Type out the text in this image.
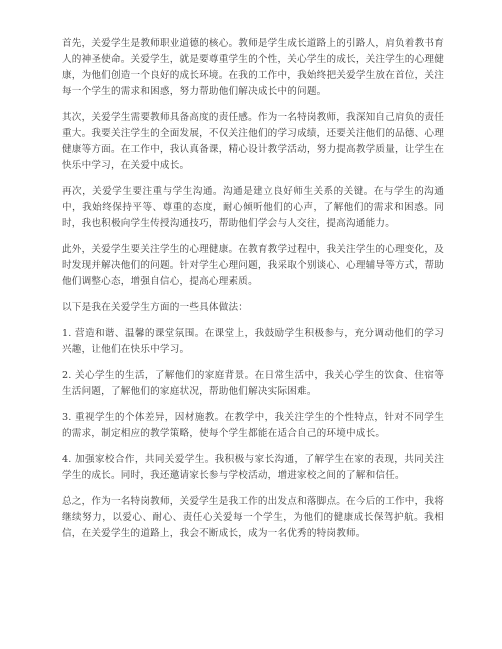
首先，关爱学生是教师职业道德的核心。教师是学生成长道路上的引路人，肩负着教书育人的神圣使命。关爱学生，就是要尊重学生的个性，关心学生的成长，关注学生的心理健康，为他们创造一个良好的成长环境。在我的工作中，我始终把关爱学生放在首位，关注每一个学生的需求和困惑，努力帮助他们解决成长中的问题。

其次，关爱学生需要教师具备高度的责任感。作为一名特岗教师，我深知自己肩负的责任重大。我要关注学生的全面发展，不仅关注他们的学习成绩，还要关注他们的品德、心理健康等方面。在工作中，我认真备课，精心设计教学活动，努力提高教学质量，让学生在快乐中学习，在关爱中成长。

再次，关爱学生要注重与学生沟通。沟通是建立良好师生关系的关键。在与学生的沟通中，我始终保持平等、尊重的态度，耐心倾听他们的心声，了解他们的需求和困惑。同时，我也积极向学生传授沟通技巧，帮助他们学会与人交往，提高沟通能力。

此外，关爱学生要关注学生的心理健康。在教育教学过程中，我关注学生的心理变化，及时发现并解决他们的问题。针对学生心理问题，我采取个别谈心、心理辅导等方式，帮助他们调整心态，增强自信心，提高心理素质。

以下是我在关爱学生方面的一些具体做法：

1. 营造和谐、温馨的课堂氛围。在课堂上，我鼓励学生积极参与，充分调动他们的学习兴趣，让他们在快乐中学习。

2. 关心学生的生活，了解他们的家庭背景。在日常生活中，我关心学生的饮食、住宿等生活问题，了解他们的家庭状况，帮助他们解决实际困难。

3. 重视学生的个体差异，因材施教。在教学中，我关注学生的个性特点，针对不同学生的需求，制定相应的教学策略，使每个学生都能在适合自己的环境中成长。

4. 加强家校合作，共同关爱学生。我积极与家长沟通，了解学生在家的表现，共同关注学生的成长。同时，我还邀请家长参与学校活动，增进家校之间的了解和信任。

总之，作为一名特岗教师，关爱学生是我工作的出发点和落脚点。在今后的工作中，我将继续努力，以爱心、耐心、责任心关爱每一个学生，为他们的健康成长保驾护航。我相信，在关爱学生的道路上，我会不断成长，成为一名优秀的特岗教师。
